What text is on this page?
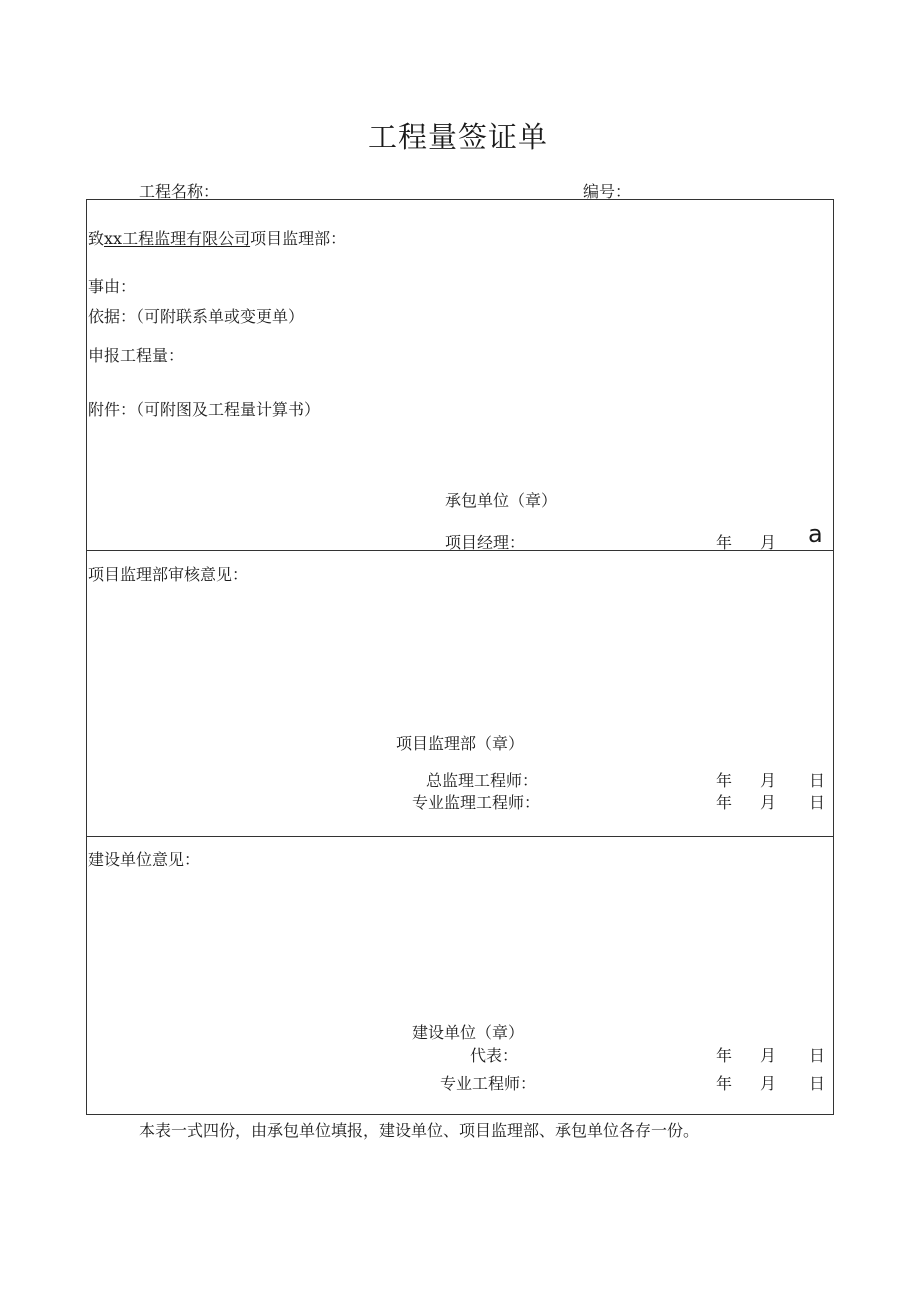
工程量签证单
工程名称：	编号：
致xx工程监理有限公司项目监理部：
事由：
依据：（可附联系单或变更单）
申报工程量：
附件：（可附图及工程量计算书）
承包单位（章）
项目经理：	年 月 a
项目监理部审核意见：
项目监理部（章）
总监理工程师：	年 月 日
专业监理工程师：	年 月 日
建设单位意见：
建设单位（章）
代表：	年 月 日
专业工程师：	年 月 日
本表一式四份，由承包单位填报，建设单位、项目监理部、承包单位各存一份。
